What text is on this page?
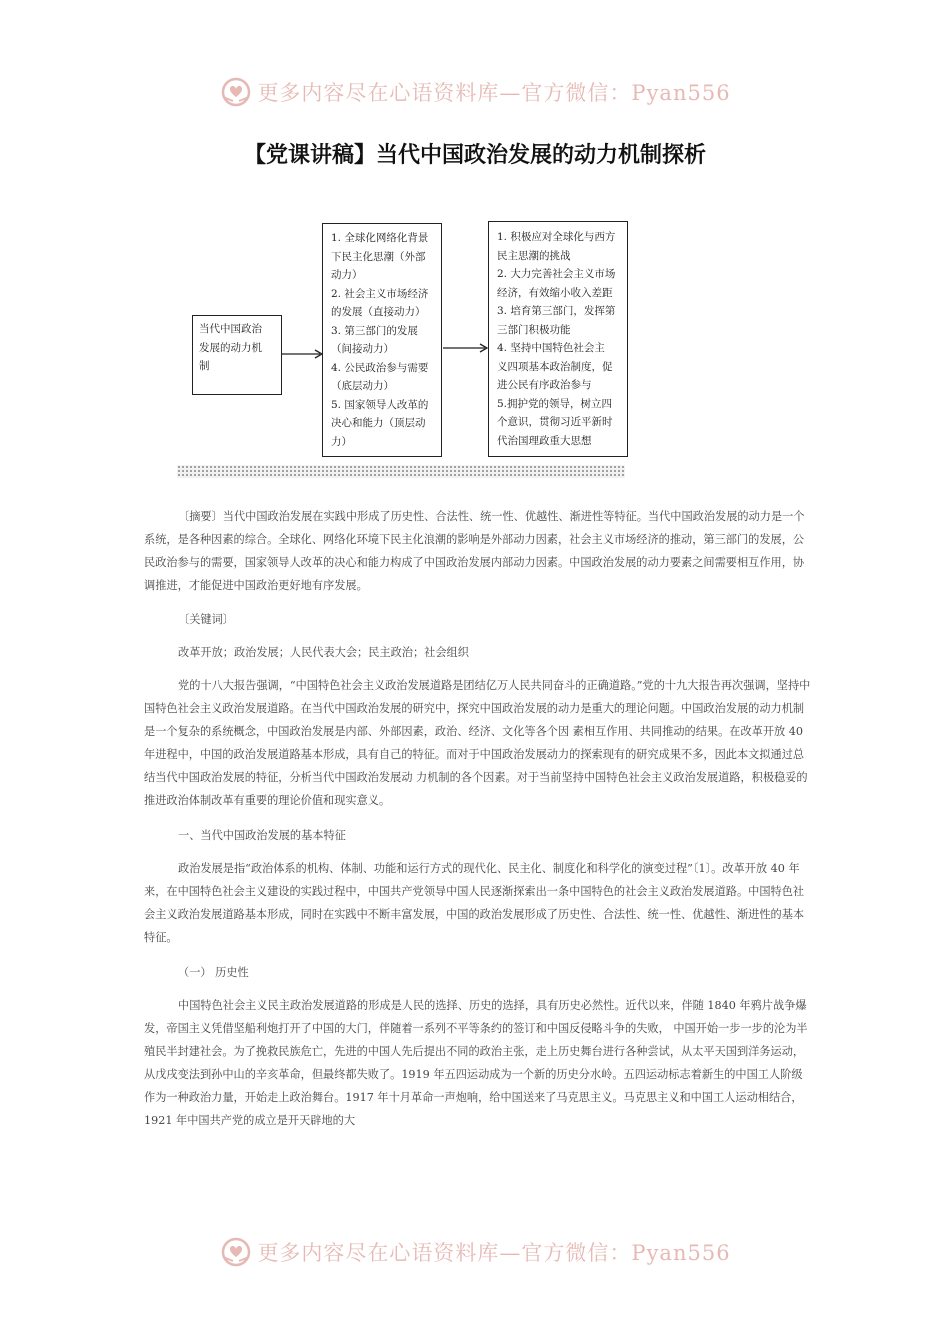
更多内容尽在心语资料库—官方微信：Pyan556
【党课讲稿】当代中国政治发展的动力机制探析
当代中国政治
发展的动力机
制
1. 全球化网络化背景
下民主化思潮（外部
动力）
2. 社会主义市场经济
的发展（直接动力）
3. 第三部门的发展
（间接动力）
4. 公民政治参与需要
（底层动力）
5. 国家领导人改革的
决心和能力（顶层动
力）
1. 积极应对全球化与西方
民主思潮的挑战
2. 大力完善社会主义市场
经济，有效缩小收入差距
3. 培育第三部门，发挥第
三部门积极功能
4. 坚持中国特色社会主
义四项基本政治制度，促
进公民有序政治参与
5.拥护党的领导，树立四
个意识，贯彻习近平新时
代治国理政重大思想

〔摘要〕当代中国政治发展在实践中形成了历史性、合法性、统一性、优越性、渐进性等特征。当代中国政治发展的动力是一个系统，是各种因素的综合。全球化、网络化环境下民主化浪潮的影响是外部动力因素，社会主义市场经济的推动，第三部门的发展，公民政治参与的需要，国家领导人改革的决心和能力构成了中国政治发展内部动力因素。中国政治发展的动力要素之间需要相互作用，协调推进，才能促进中国政治更好地有序发展。

〔关键词〕

改革开放；政治发展；人民代表大会；民主政治；社会组织

党的十八大报告强调，“中国特色社会主义政治发展道路是团结亿万人民共同奋斗的正确道路。”党的十九大报告再次强调，坚持中国特色社会主义政治发展道路。在当代中国政治发展的研究中，探究中国政治发展的动力是重大的理论问题。中国政治发展的动力机制是一个复杂的系统概念，中国政治发展是内部、外部因素，政治、经济、文化等各个因 素相互作用、共同推动的结果。在改革开放 40 年进程中，中国的政治发展道路基本形成，具有自己的特征。而对于中国政治发展动力的探索现有的研究成果不多，因此本文拟通过总结当代中国政治发展的特征，分析当代中国政治发展动 力机制的各个因素。对于当前坚持中国特色社会主义政治发展道路，积极稳妥的推进政治体制改革有重要的理论价值和现实意义。

一、当代中国政治发展的基本特征

政治发展是指“政治体系的机构、体制、功能和运行方式的现代化、民主化、制度化和科学化的演变过程”〔1〕。改革开放 40 年来，在中国特色社会主义建设的实践过程中，中国共产党领导中国人民逐渐探索出一条中国特色的社会主义政治发展道路。中国特色社会主义政治发展道路基本形成，同时在实践中不断丰富发展，中国的政治发展形成了历史性、合法性、统一性、优越性、渐进性的基本特征。

（一） 历史性

中国特色社会主义民主政治发展道路的形成是人民的选择、历史的选择，具有历史必然性。近代以来，伴随 1840 年鸦片战争爆发，帝国主义凭借坚船利炮打开了中国的大门，伴随着一系列不平等条约的签订和中国反侵略斗争的失败， 中国开始一步一步的沦为半殖民半封建社会。为了挽救民族危亡，先进的中国人先后提出不同的政治主张，走上历史舞台进行各种尝试，从太平天国到洋务运动，从戊戌变法到孙中山的辛亥革命，但最终都失败了。1919 年五四运动成为一个新的历史分水岭。五四运动标志着新生的中国工人阶级作为一种政治力量，开始走上政治舞台。1917 年十月革命一声炮响，给中国送来了马克思主义。马克思主义和中国工人运动相结合，1921 年中国共产党的成立是开天辟地的大

更多内容尽在心语资料库—官方微信：Pyan556
